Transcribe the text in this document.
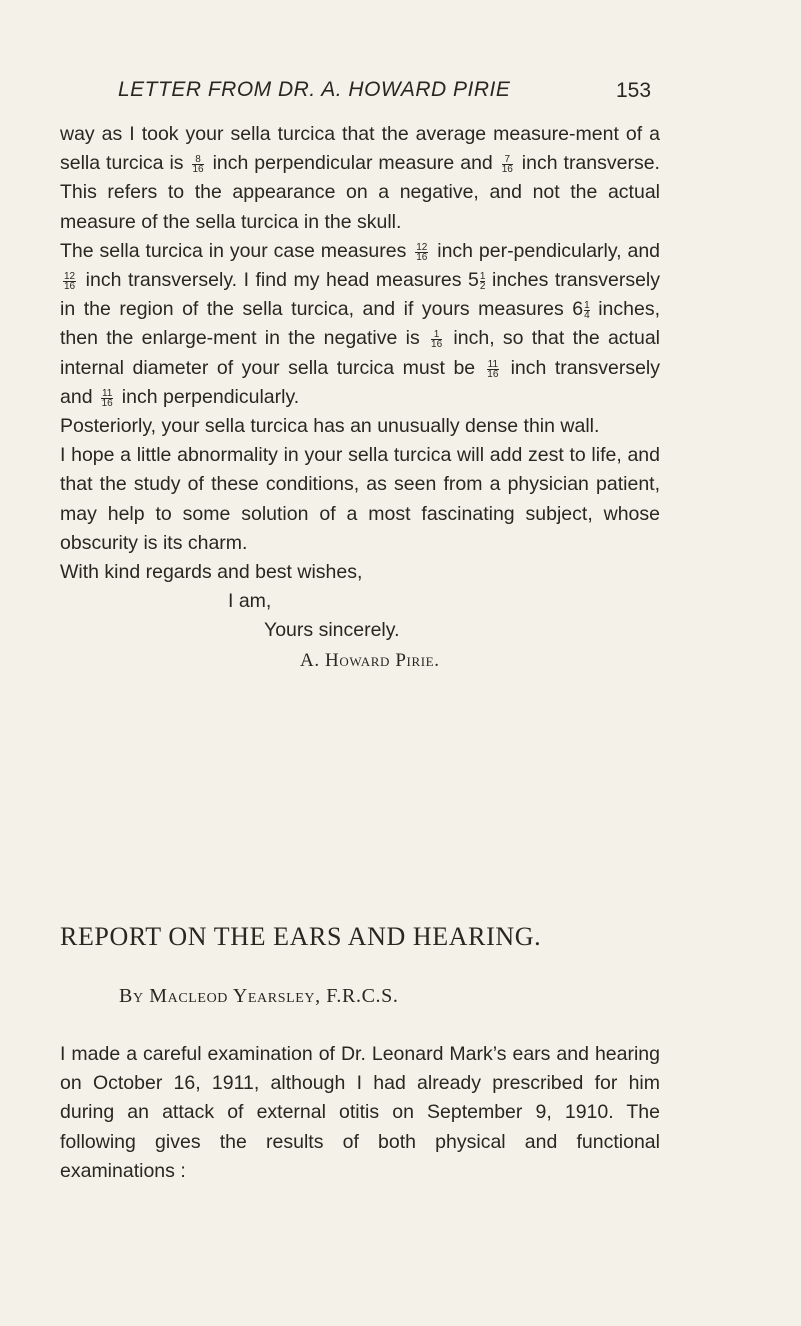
LETTER FROM DR. A. HOWARD PIRIE	153

way as I took your sella turcica that the average measure-ment of a sella turcica is $\frac{8}{16}$ inch perpendicular measure and $\frac{7}{16}$ inch transverse. This refers to the appearance on a negative, and not the actual measure of the sella turcica in the skull.

The sella turcica in your case measures $\frac{12}{16}$ inch per-pendicularly, and
$\frac{12}{16}$ inch transversely. I find my head measures $5 \frac{1}{2}$ inches transversely in the region of the sella turcica, and if yours measures $6 \frac{1}{4}$ inches, then the enlarge-ment in the negative is $\frac{1}{16}$ inch, so that the actual internal diameter of your sella turcica must be $\frac{11}{16}$ inch transversely and $\frac{11}{16}$ inch perpendicularly.

Posteriorly, your sella turcica has an unusually dense thin wall.

I hope a little abnormality in your sella turcica will add zest to life, and that the study of these conditions, as seen from a physician patient, may help to some solution of a most fascinating subject, whose obscurity is its charm.

With kind regards and best wishes,

I am,

Yours sincerely.

A. Howard Pirie.

REPORT ON THE EARS AND HEARING.
By Macleod Yearsley, F.R.C.S.

I made a careful examination of Dr. Leonard Mark’s ears and hearing on October 16, 1911, although I had already prescribed for him during an attack of external otitis on September 9, 1910. The following gives the results of both physical and functional examinations :
